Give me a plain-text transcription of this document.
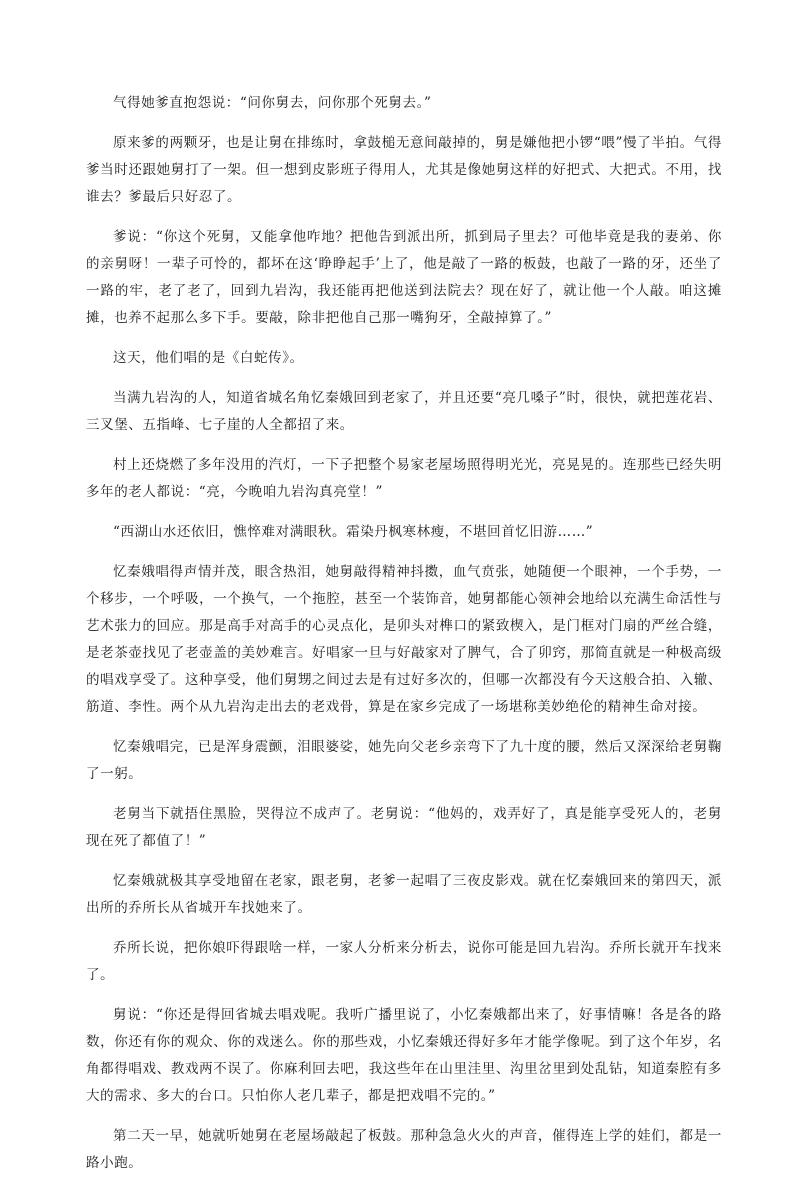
气得她爹直抱怨说：“问你舅去，问你那个死舅去。”

原来爹的两颗牙，也是让舅在排练时，拿鼓槌无意间敲掉的，舅是嫌他把小锣“喂”慢了半拍。气得爹当时还跟她舅打了一架。但一想到皮影班子得用人，尤其是像她舅这样的好把式、大把式。不用，找谁去？爹最后只好忍了。

爹说：“你这个死舅，又能拿他咋地？把他告到派出所，抓到局子里去？可他毕竟是我的妻弟、你的亲舅呀！一辈子可怜的，都坏在这‘睁睁起手’上了，他是敲了一路的板鼓，也敲了一路的牙，还坐了一路的牢，老了老了，回到九岩沟，我还能再把他送到法院去？现在好了，就让他一个人敲。咱这摊摊，也养不起那么多下手。要敲，除非把他自己那一嘴狗牙，全敲掉算了。”

这天，他们唱的是《白蛇传》。

当满九岩沟的人，知道省城名角忆秦娥回到老家了，并且还要“亮几嗓子”时，很快，就把莲花岩、三叉堡、五指峰、七子崖的人全都招了来。

村上还烧燃了多年没用的汽灯，一下子把整个易家老屋场照得明光光，亮晃晃的。连那些已经失明多年的老人都说：“亮，今晚咱九岩沟真亮堂！”

“西湖山水还依旧，憔悴难对满眼秋。霜染丹枫寒林瘦，不堪回首忆旧游……”

忆秦娥唱得声情并茂，眼含热泪，她舅敲得精神抖擞，血气贲张，她随便一个眼神，一个手势，一个移步，一个呼吸，一个换气，一个拖腔，甚至一个装饰音，她舅都能心领神会地给以充满生命活性与艺术张力的回应。那是高手对高手的心灵点化，是卯头对榫口的紧致楔入，是门框对门扇的严丝合缝，是老茶壶找见了老壶盖的美妙难言。好唱家一旦与好敲家对了脾气，合了卯窍，那简直就是一种极高级的唱戏享受了。这种享受，他们舅甥之间过去是有过好多次的，但哪一次都没有今天这般合拍、入辙、筋道、李性。两个从九岩沟走出去的老戏骨，算是在家乡完成了一场堪称美妙绝伦的精神生命对接。

忆秦娥唱完，已是浑身震颤，泪眼婆娑，她先向父老乡亲弯下了九十度的腰，然后又深深给老舅鞠了一躬。

老舅当下就捂住黑脸，哭得泣不成声了。老舅说：“他妈的，戏弄好了，真是能享受死人的，老舅现在死了都值了！”

忆秦娥就极其享受地留在老家，跟老舅，老爹一起唱了三夜皮影戏。就在忆秦娥回来的第四天，派出所的乔所长从省城开车找她来了。

乔所长说，把你娘吓得跟啥一样，一家人分析来分析去，说你可能是回九岩沟。乔所长就开车找来了。

舅说：“你还是得回省城去唱戏呢。我听广播里说了，小忆秦娥都出来了，好事情嘛！各是各的路数，你还有你的观众、你的戏迷么。你的那些戏，小忆秦娥还得好多年才能学像呢。到了这个年岁，名角都得唱戏、教戏两不误了。你麻利回去吧，我这些年在山里洼里、沟里岔里到处乱钻，知道秦腔有多大的需求、多大的台口。只怕你人老几辈子，都是把戏唱不完的。”

第二天一早，她就听她舅在老屋场敲起了板鼓。那种急急火火的声音，催得连上学的娃们，都是一路小跑。
